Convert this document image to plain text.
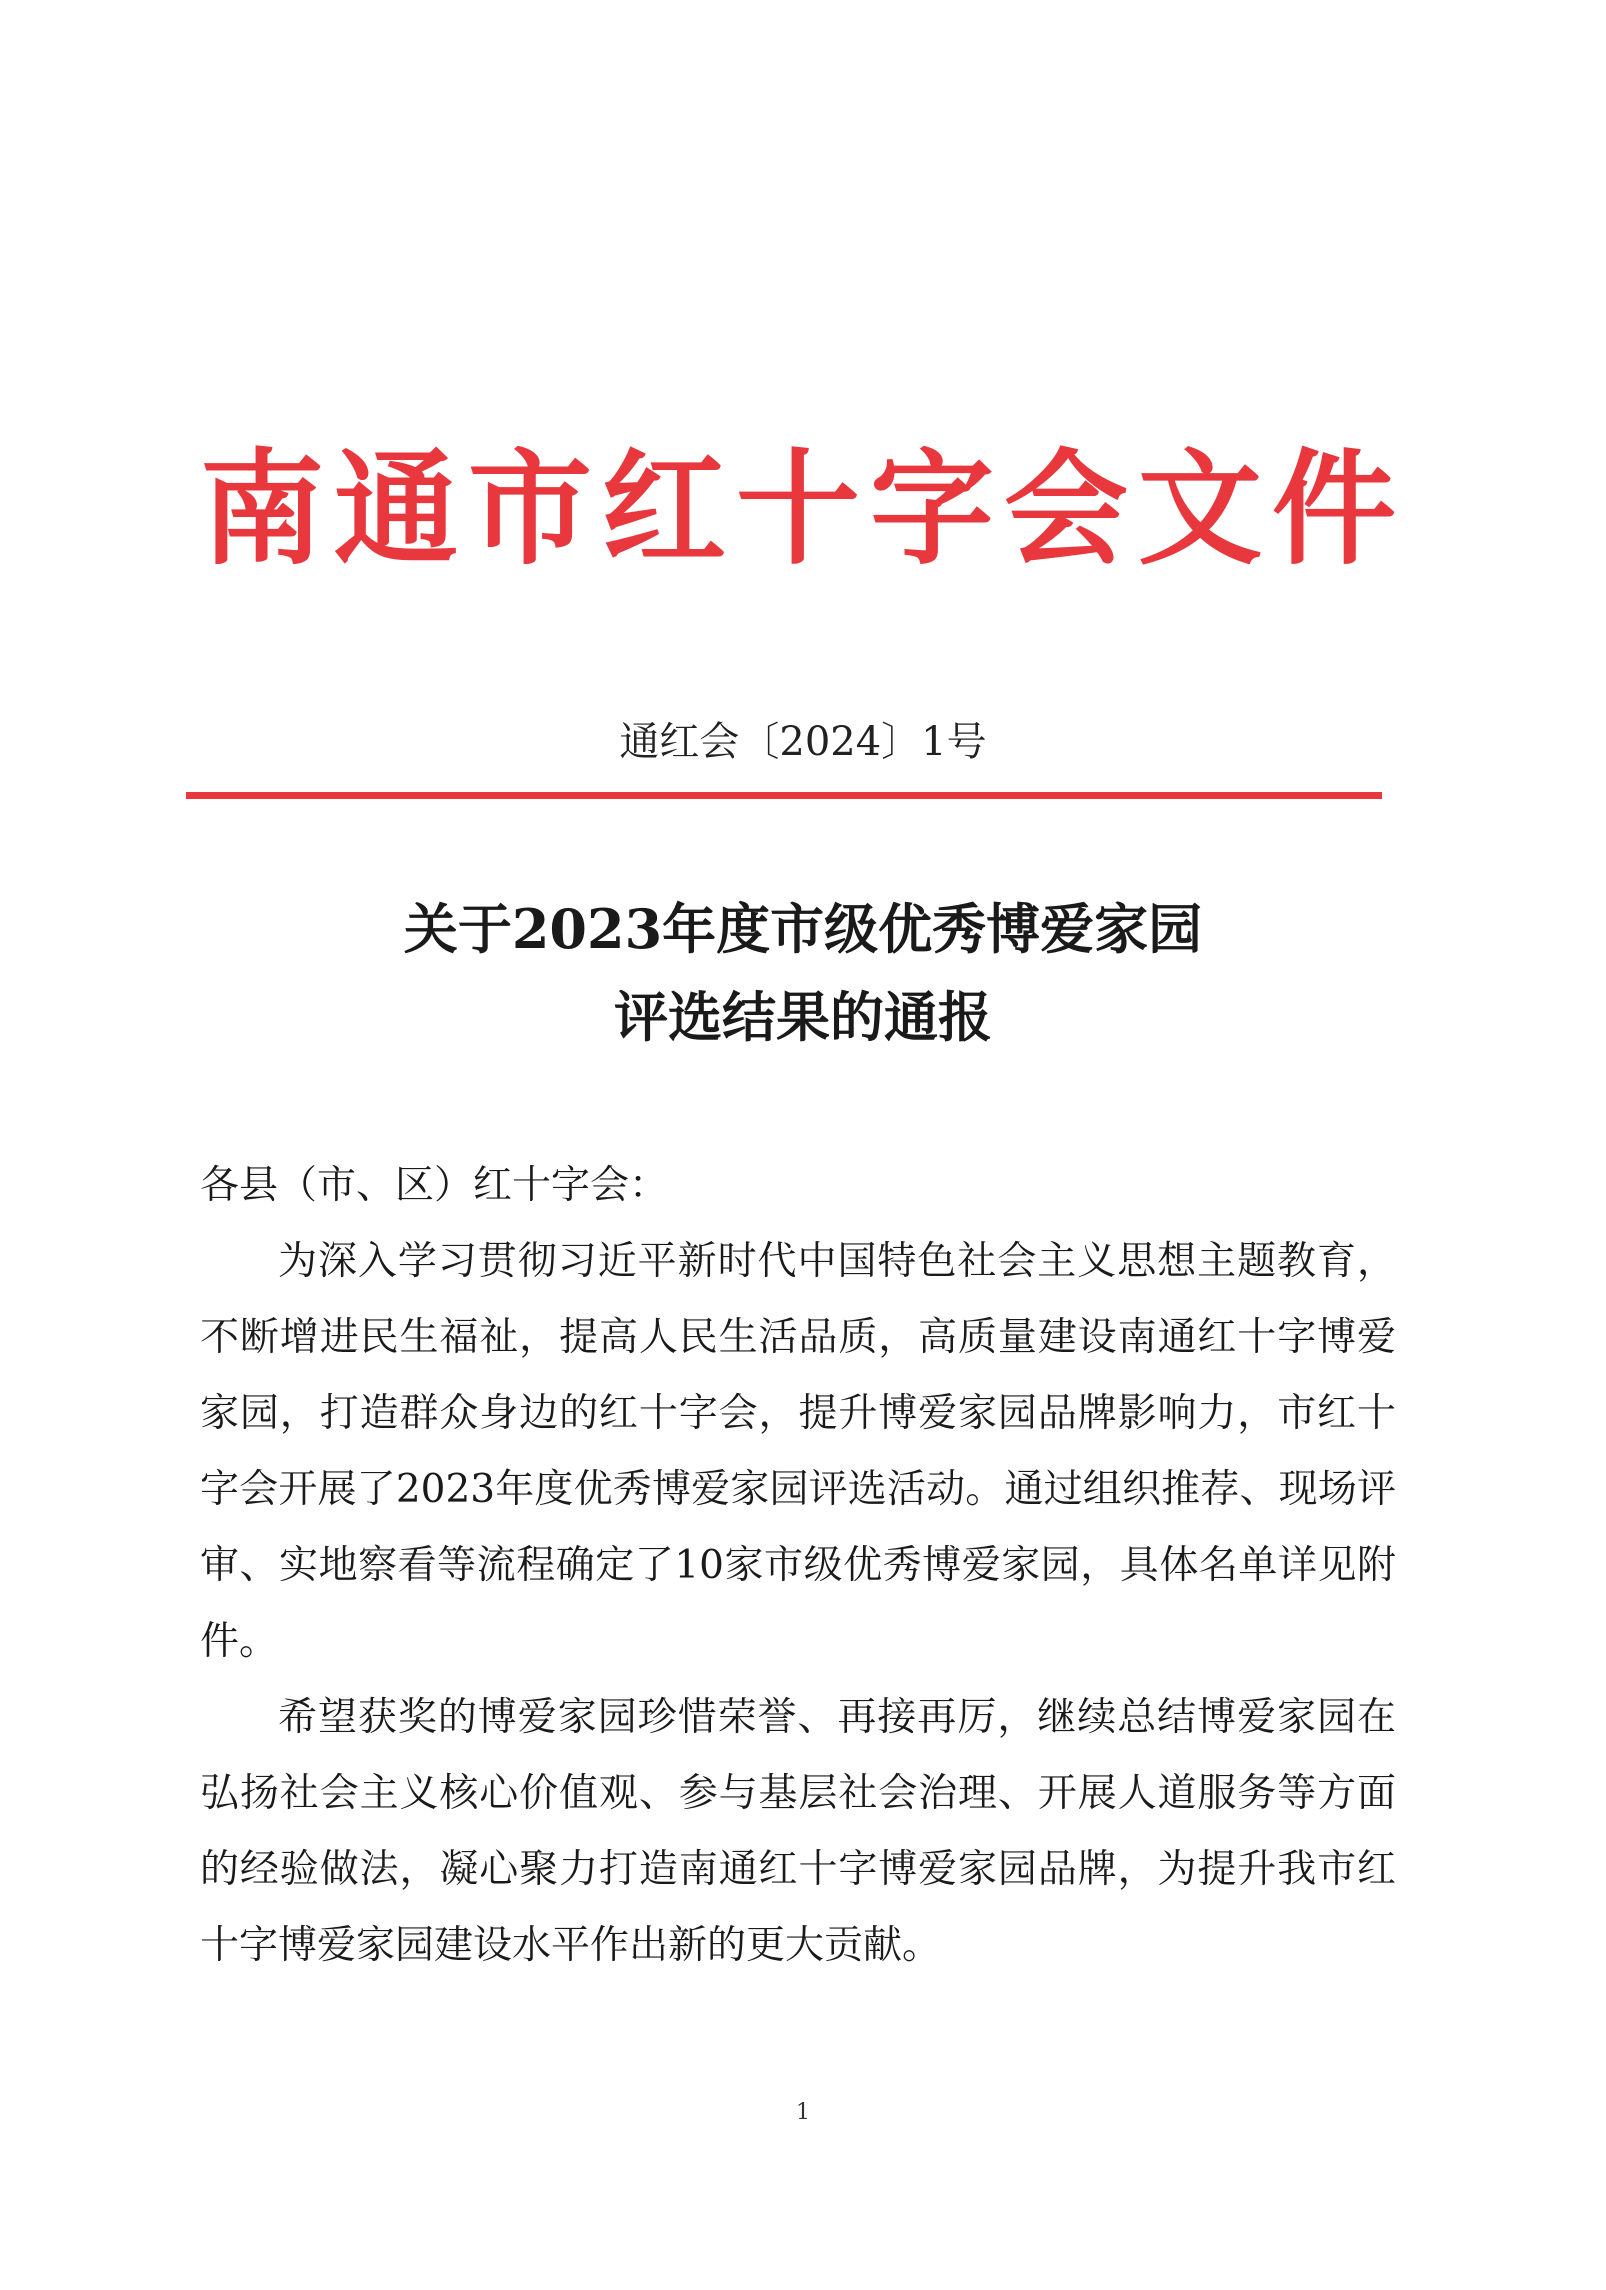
南通市红十字会文件
通红会〔2024〕1号
关于2023年度市级优秀博爱家园
评选结果的通报

各县（市、区）红十字会：

为深入学习贯彻习近平新时代中国特色社会主义思想主题教育，不断增进民生福祉，提高人民生活品质，高质量建设南通红十字博爱家园，打造群众身边的红十字会，提升博爱家园品牌影响力，市红十字会开展了2023年度优秀博爱家园评选活动。通过组织推荐、现场评审、实地察看等流程确定了10家市级优秀博爱家园，具体名单详见附件。

希望获奖的博爱家园珍惜荣誉、再接再厉，继续总结博爱家园在弘扬社会主义核心价值观、参与基层社会治理、开展人道服务等方面的经验做法，凝心聚力打造南通红十字博爱家园品牌，为提升我市红十字博爱家园建设水平作出新的更大贡献。

1
